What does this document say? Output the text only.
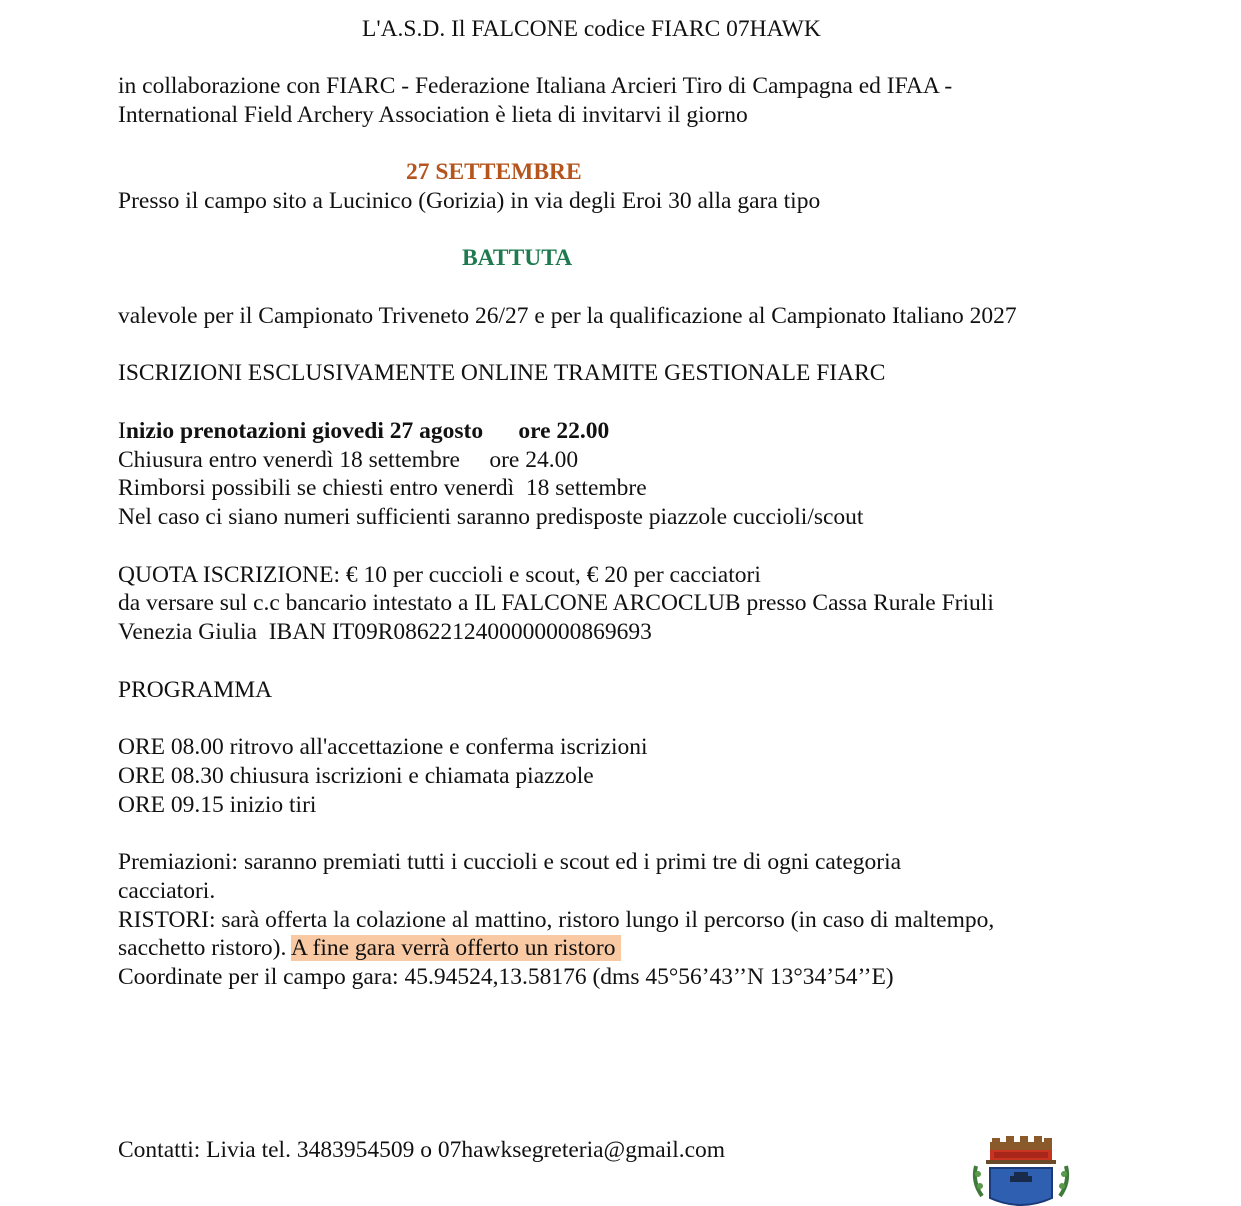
L'A.S.D. Il FALCONE codice FIARC 07HAWK
in collaborazione con FIARC - Federazione Italiana Arcieri Tiro di Campagna ed IFAA -
International Field Archery Association è lieta di invitarvi il giorno
27 SETTEMBRE
Presso il campo sito a Lucinico (Gorizia) in via degli Eroi 30 alla gara tipo
BATTUTA
valevole per il Campionato Triveneto 26/27 e per la qualificazione al Campionato Italiano 2027
ISCRIZIONI ESCLUSIVAMENTE ONLINE TRAMITE GESTIONALE FIARC
Inizio prenotazioni giovedi 27 agosto      ore 22.00
Chiusura entro venerdì 18 settembre     ore 24.00
Rimborsi possibili se chiesti entro venerdì  18 settembre
Nel caso ci siano numeri sufficienti saranno predisposte piazzole cuccioli/scout
QUOTA ISCRIZIONE: € 10 per cuccioli e scout, € 20 per cacciatori
da versare sul c.c bancario intestato a IL FALCONE ARCOCLUB presso Cassa Rurale Friuli
Venezia Giulia  IBAN IT09R0862212400000000869693
PROGRAMMA
ORE 08.00 ritrovo all'accettazione e conferma iscrizioni
ORE 08.30 chiusura iscrizioni e chiamata piazzole
ORE 09.15 inizio tiri
Premiazioni: saranno premiati tutti i cuccioli e scout ed i primi tre di ogni categoria
cacciatori.
RISTORI: sarà offerta la colazione al mattino, ristoro lungo il percorso (in caso di maltempo,
sacchetto ristoro). A fine gara verrà offerto un ristoro
Coordinate per il campo gara: 45.94524,13.58176 (dms 45°56’43’’N 13°34’54’’E)
Contatti: Livia tel. 3483954509 o 07hawksegreteria@gmail.com
